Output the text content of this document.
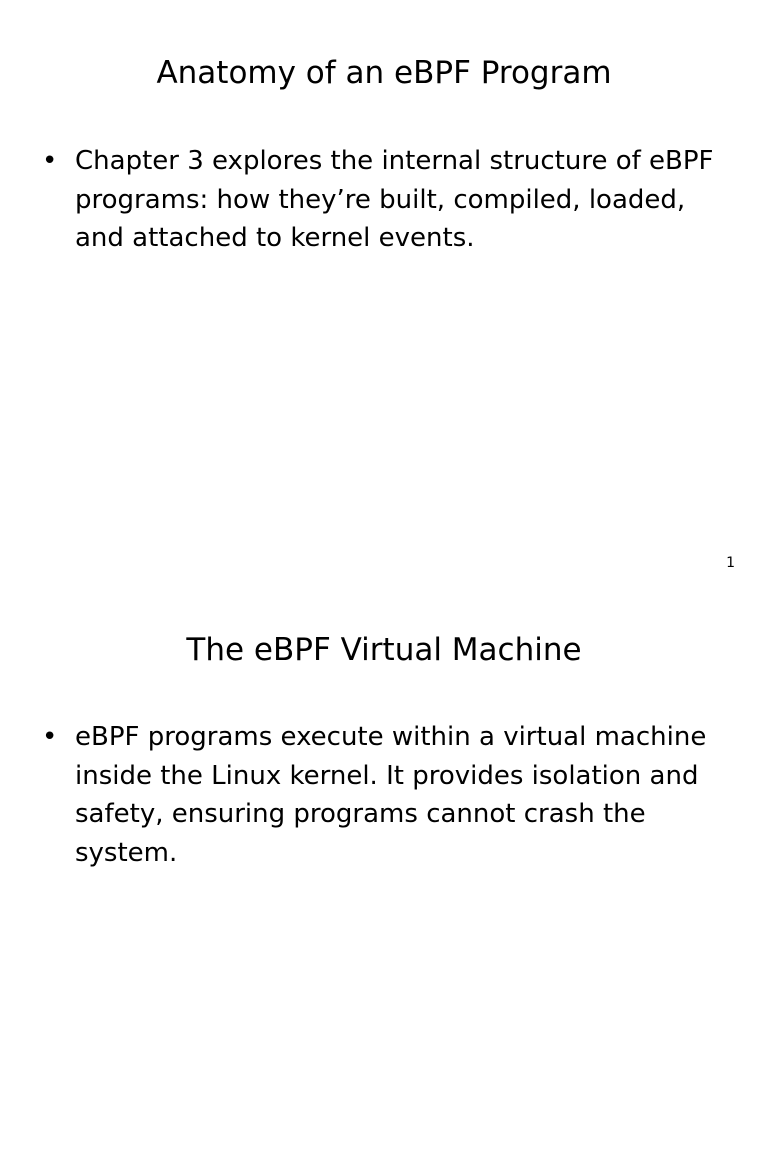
Anatomy of an eBPF Program
• Chapter 3 explores the internal structure of eBPF programs: how they’re built, compiled, loaded, and attached to kernel events.
1
The eBPF Virtual Machine
• eBPF programs execute within a virtual machine inside the Linux kernel. It provides isolation and safety, ensuring programs cannot crash the system.
